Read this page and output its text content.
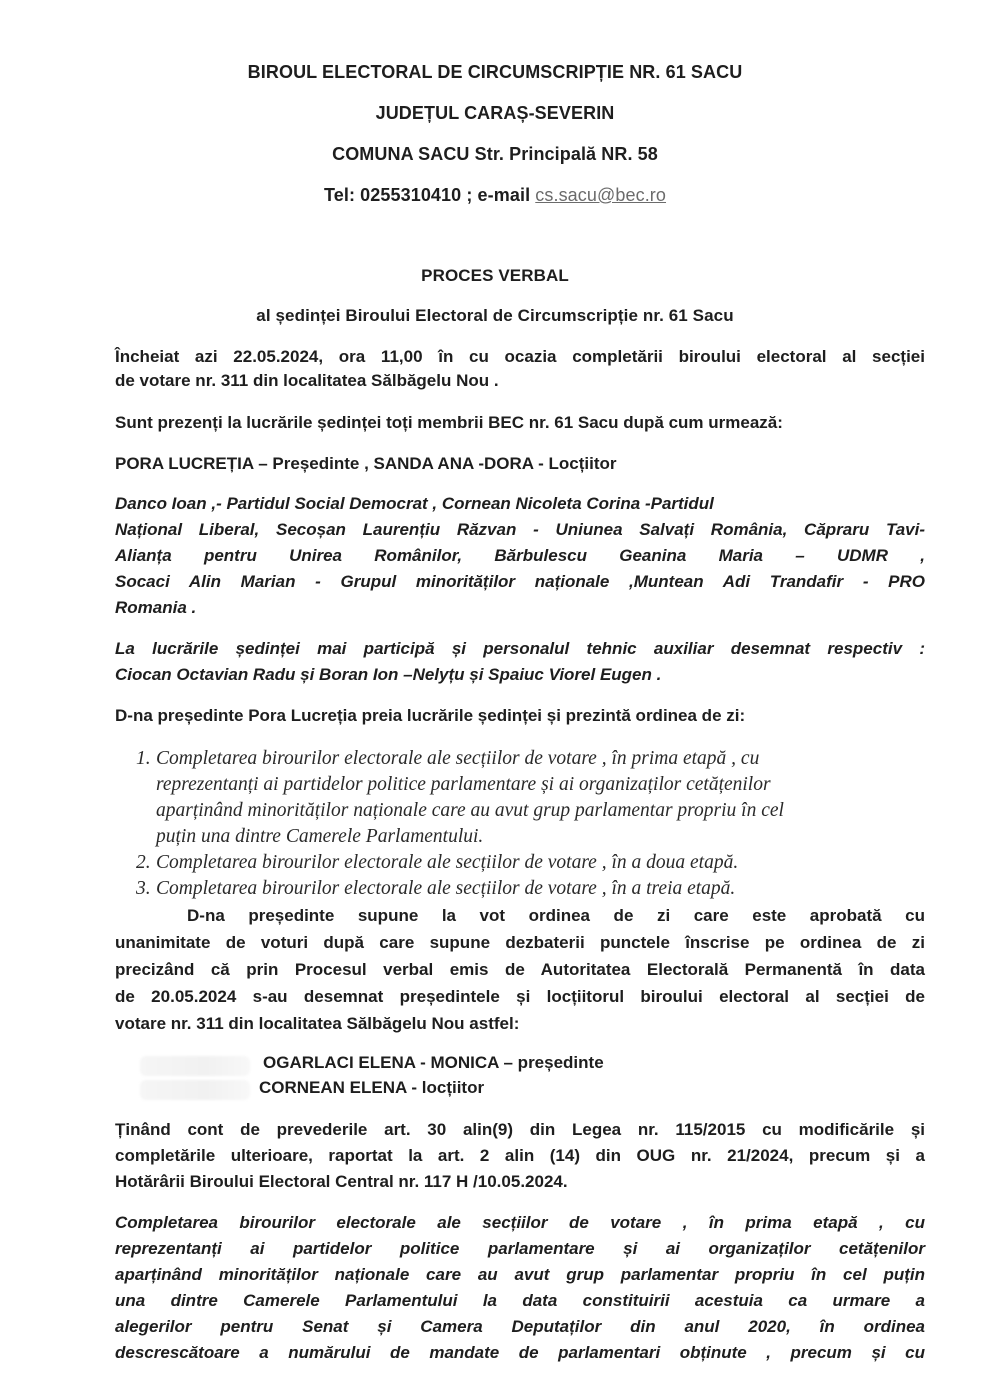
BIROUL ELECTORAL DE CIRCUMSCRIPȚIE NR. 61 SACU
JUDEȚUL CARAȘ-SEVERIN
COMUNA SACU Str. Principală NR. 58
Tel: 0255310410 ; e-mail cs.sacu@bec.ro
PROCES VERBAL
al ședinței Biroului Electoral de Circumscripție nr. 61 Sacu
Încheiat azi 22.05.2024, ora 11,00 în cu ocazia completării biroului electoral al secției
de votare nr. 311 din localitatea Sălbăgelu Nou .
Sunt prezenți la lucrările ședinței toți membrii BEC nr. 61 Sacu după cum urmează:
PORA LUCREȚIA – Președinte , SANDA ANA -DORA - Locțiitor
Danco Ioan ,- Partidul Social Democrat , Cornean Nicoleta Corina -Partidul
Național Liberal, Secoșan Laurențiu Răzvan - Uniunea Salvați România, Căpraru Tavi-
Alianța pentru Unirea Românilor, Bărbulescu Geanina Maria – UDMR ,
Socaci Alin Marian - Grupul minorităților naționale ,Muntean Adi Trandafir - PRO
Romania .
La lucrările ședinței mai participă și personalul tehnic auxiliar desemnat respectiv :
Ciocan Octavian Radu și Boran Ion –Nelуțu și Spaiuc Viorel Eugen .
D-na președinte Pora Lucreția preia lucrările ședinței și prezintă ordinea de zi:
1. Completarea birourilor electorale ale secțiilor de votare , în prima etapă , cu
reprezentanți ai partidelor politice parlamentare și ai organizaților cetățenilor
aparținând minorităților naționale care au avut grup parlamentar propriu în cel
puțin una dintre Camerele Parlamentului.
2. Completarea birourilor electorale ale secțiilor de votare , în a doua etapă.
3. Completarea birourilor electorale ale secțiilor de votare , în a treia etapă.
D-na președinte supune la vot ordinea de zi care este aprobată cu
unanimitate de voturi după care supune dezbaterii punctele înscrise pe ordinea de zi
precizând că prin Procesul verbal emis de Autoritatea Electorală Permanentă în data
de 20.05.2024 s-au desemnat președintele și locțiitorul biroului electoral al secției de
votare nr. 311 din localitatea Sălbăgelu Nou astfel:
OGARLACI ELENA - MONICA – președinte
CORNEAN ELENA - locțiitor
Ținând cont de prevederile art. 30 alin(9) din Legea nr. 115/2015 cu modificările și
completările ulterioare, raportat la art. 2 alin (14) din OUG nr. 21/2024, precum și a
Hotărârii Biroului Electoral Central nr. 117 H /10.05.2024.
Completarea birourilor electorale ale secțiilor de votare , în prima etapă , cu
reprezentanți ai partidelor politice parlamentare și ai organizaților cetățenilor
aparținând minorităților naționale care au avut grup parlamentar propriu în cel puțin
una dintre Camerele Parlamentului la data constituirii acestuia ca urmare a
alegerilor pentru Senat și Camera Deputaților din anul 2020, în ordinea
descrescătoare a numărului de mandate de parlamentari obținute , precum și cu
